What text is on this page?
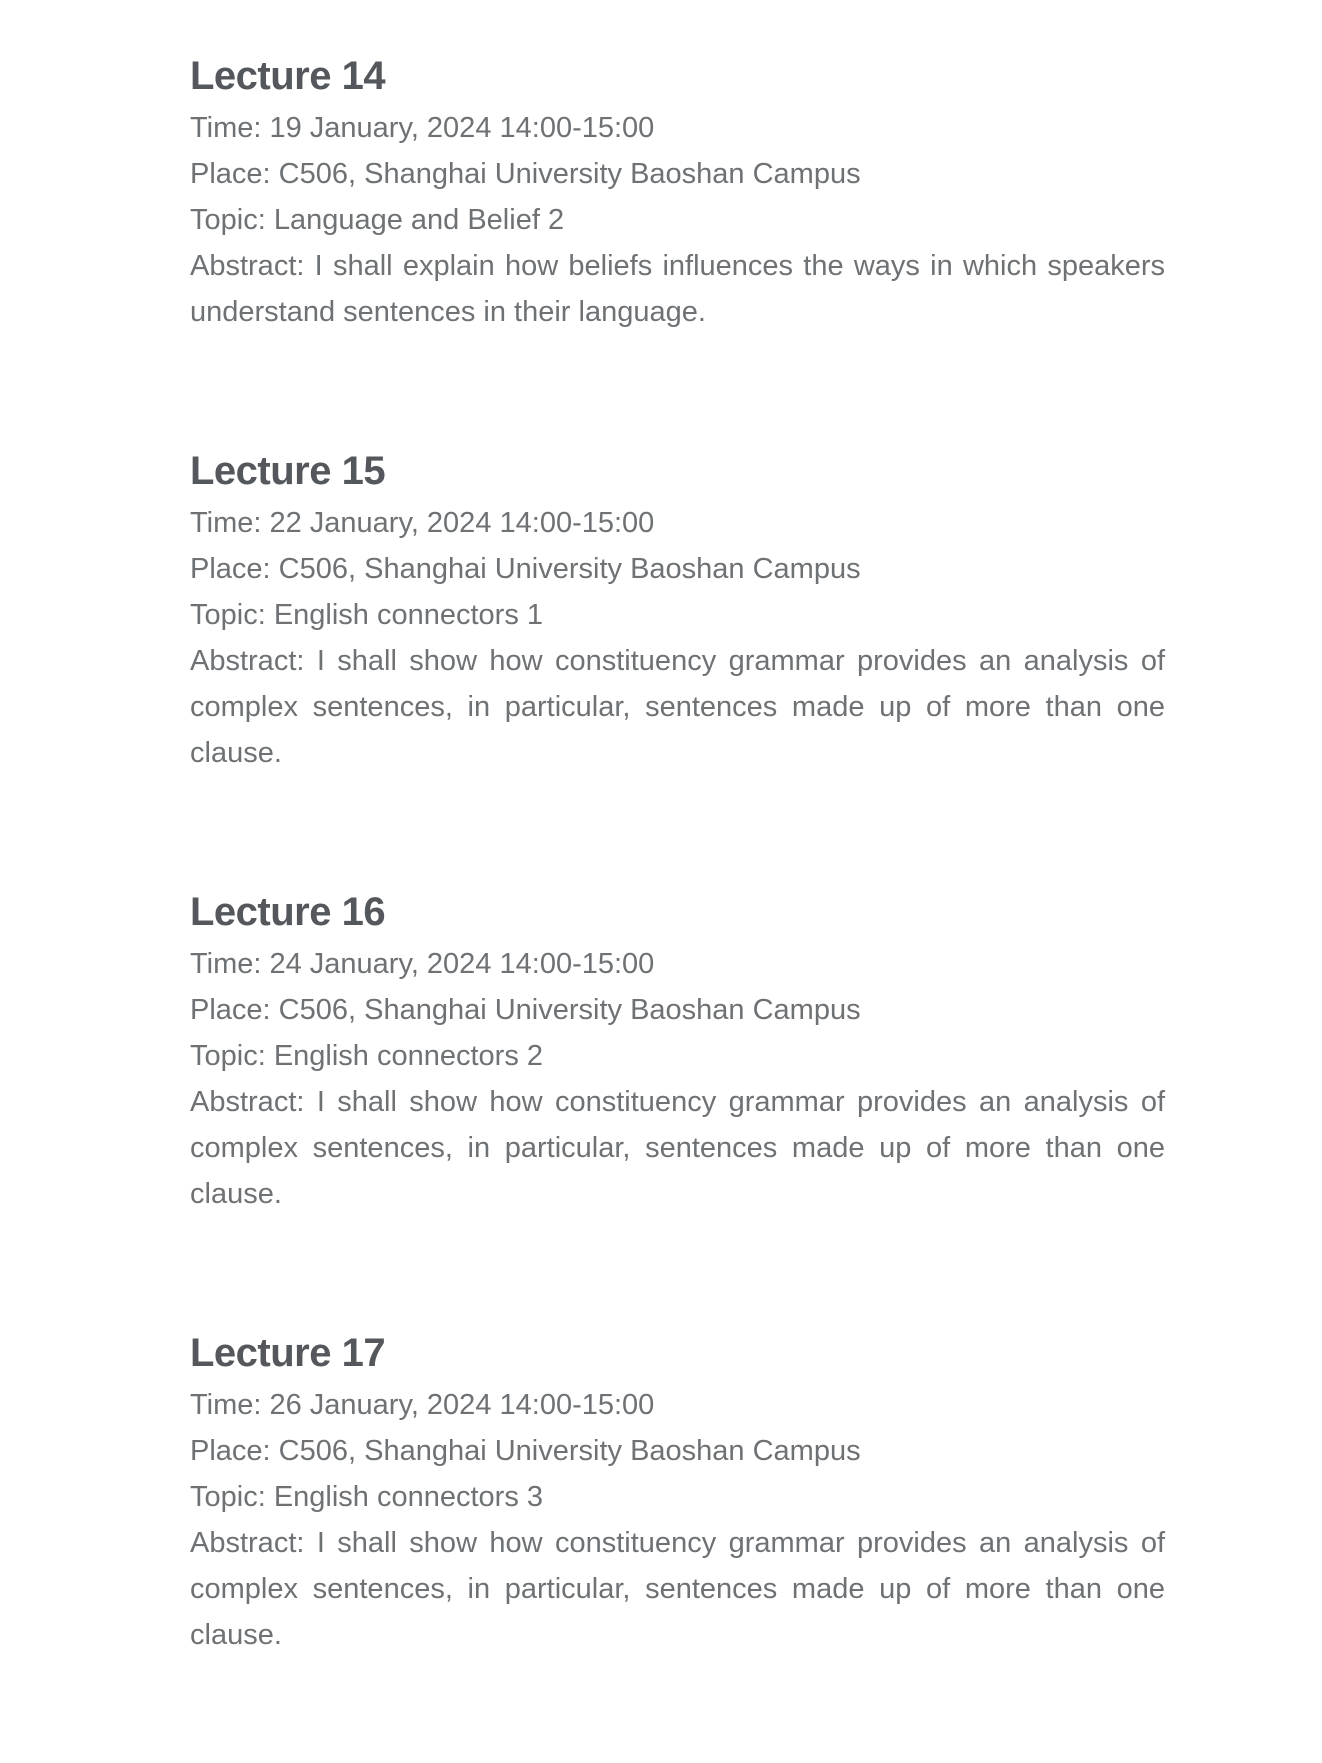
Lecture 14

Time: 19 January, 2024 14:00-15:00

Place: C506, Shanghai University Baoshan Campus

Topic: Language and Belief 2

Abstract: I shall explain how beliefs influences the ways in which speakers understand sentences in their language.

Lecture 15

Time: 22 January, 2024 14:00-15:00

Place: C506, Shanghai University Baoshan Campus

Topic: English connectors 1

Abstract: I shall show how constituency grammar provides an analysis of complex sentences, in particular, sentences made up of more than one clause.

Lecture 16

Time: 24 January, 2024 14:00-15:00

Place: C506, Shanghai University Baoshan Campus

Topic: English connectors 2

Abstract: I shall show how constituency grammar provides an analysis of complex sentences, in particular, sentences made up of more than one clause.

Lecture 17

Time: 26 January, 2024 14:00-15:00

Place: C506, Shanghai University Baoshan Campus

Topic: English connectors 3

Abstract: I shall show how constituency grammar provides an analysis of complex sentences, in particular, sentences made up of more than one clause.
